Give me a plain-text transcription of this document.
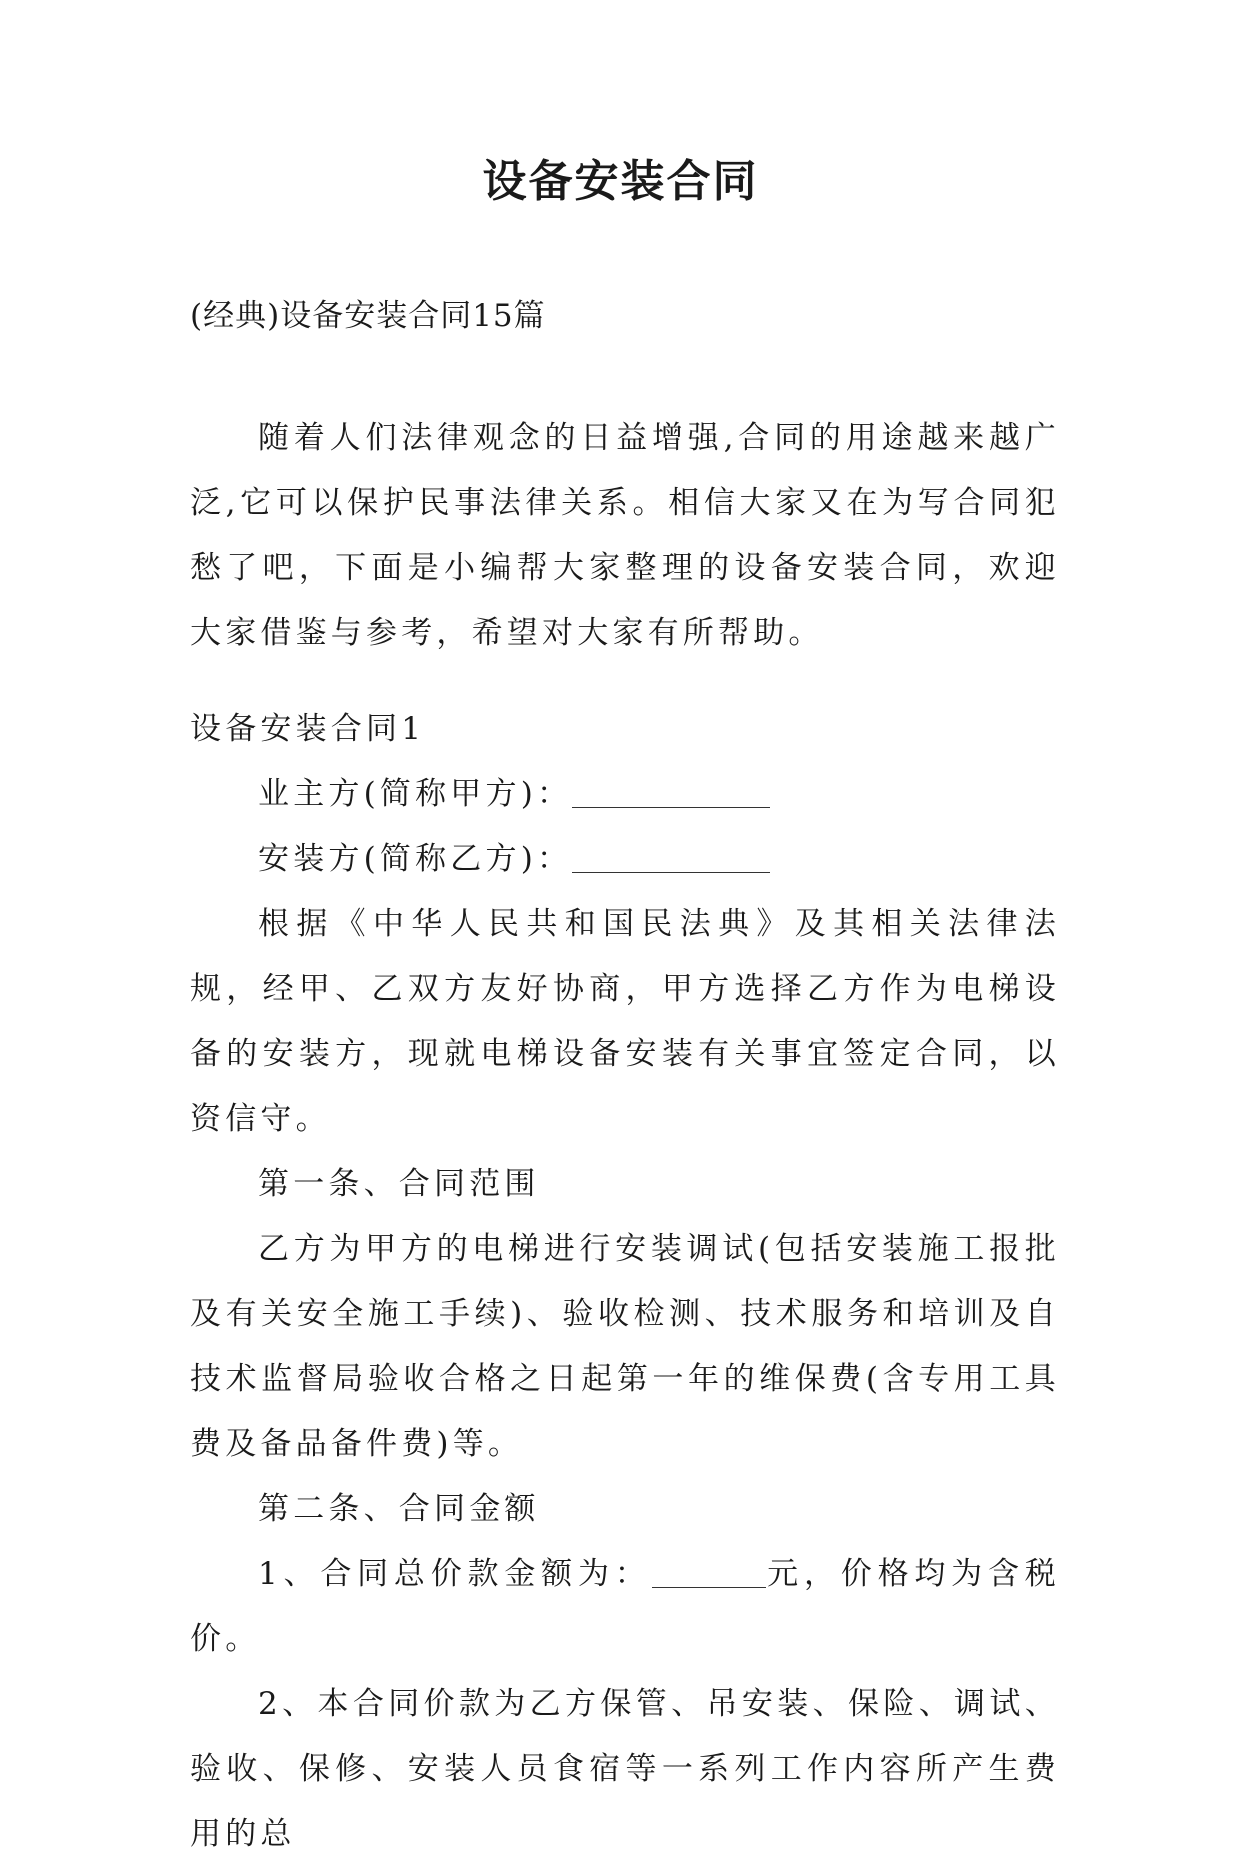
设备安装合同
(经典)设备安装合同15篇
随着人们法律观念的日益增强,合同的用途越来越广泛,它可以保护民事法律关系。相信大家又在为写合同犯愁了吧，下面是小编帮大家整理的设备安装合同，欢迎大家借鉴与参考，希望对大家有所帮助。

设备安装合同1

业主方(简称甲方)：

安装方(简称乙方)：

根据《中华人民共和国民法典》及其相关法律法规，经甲、乙双方友好协商，甲方选择乙方作为电梯设备的安装方，现就电梯设备安装有关事宜签定合同，以资信守。

第一条、合同范围

乙方为甲方的电梯进行安装调试(包括安装施工报批及有关安全施工手续)、验收检测、技术服务和培训及自技术监督局验收合格之日起第一年的维保费(含专用工具费及备品备件费)等。

第二条、合同金额

1、合同总价款金额为：	元，价格均为含税价。

2、本合同价款为乙方保管、吊安装、保险、调试、验收、保修、安装人员食宿等一系列工作内容所产生费用的总
